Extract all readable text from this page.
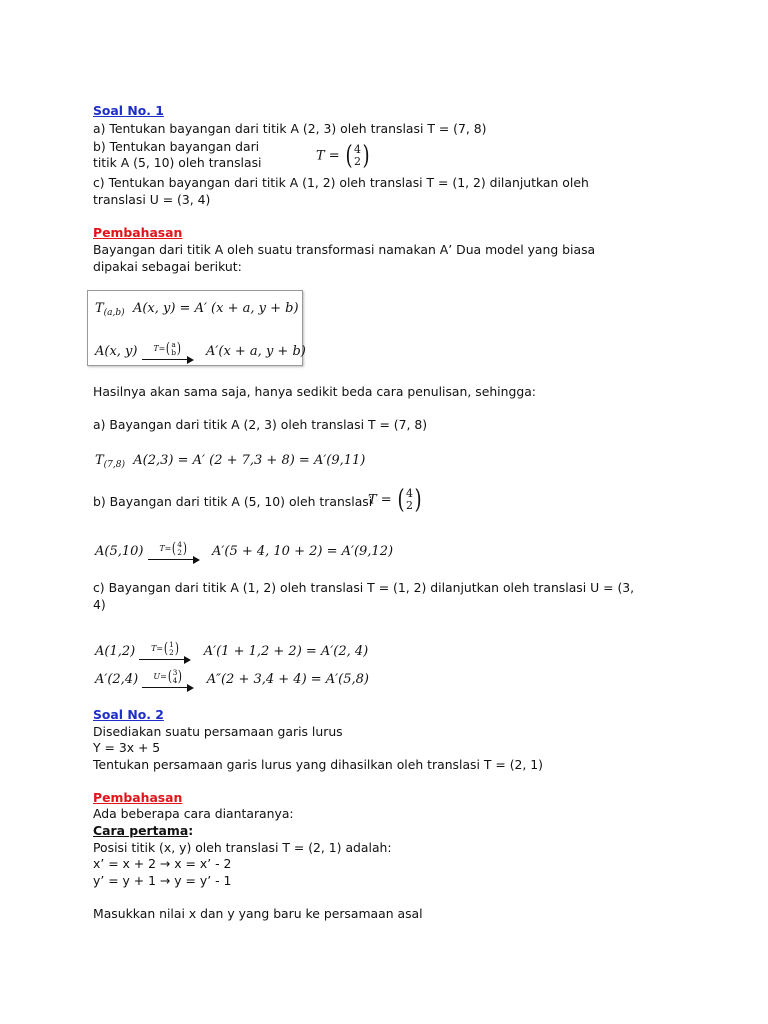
Soal No. 1
a) Tentukan bayangan dari titik A (2, 3) oleh translasi T = (7, 8)
b) Tentukan bayangan dari
titik A (5, 10) oleh translasi	T = ( 4
2 )
c) Tentukan bayangan dari titik A (1, 2) oleh translasi T = (1, 2) dilanjutkan oleh
translasi U = (3, 4)
Pembahasan
Bayangan dari titik A oleh suatu transformasi namakan A’ Dua model yang biasa
dipakai sebagai berikut:
$T_{(a,b)}$ A(x, y) = A′ (x + a, y + b)
A(x, y)	T= ( a
b ) A′(x + a, y + b)
Hasilnya akan sama saja, hanya sedikit beda cara penulisan, sehingga:
a) Bayangan dari titik A (2, 3) oleh translasi T = (7, 8)
$T_{(7,8)}$ A(2,3) = A′ (2 + 7,3 + 8) = A′(9,11)
b) Bayangan dari titik A (5, 10) oleh translasi
T = ( 4
2 )
A(5,10)	T= ( 4
2 ) A′(5 + 4, 10 + 2) = A′(9,12)
c) Bayangan dari titik A (1, 2) oleh translasi T = (1, 2) dilanjutkan oleh translasi U = (3,
4)
A(1,2)	T= ( 1
2 ) A′(1 + 1,2 + 2) = A′(2, 4)
A′(2,4)	U= ( 3
4 ) A″(2 + 3,4 + 4) = A′(5,8)
Soal No. 2
Disediakan suatu persamaan garis lurus
Y = 3x + 5
Tentukan persamaan garis lurus yang dihasilkan oleh translasi T = (2, 1)
Pembahasan
Ada beberapa cara diantaranya:
Cara pertama:
Posisi titik (x, y) oleh translasi T = (2, 1) adalah:
x’ = x + 2 → x = x’ - 2
y’ = y + 1 → y = y’ - 1
Masukkan nilai x dan y yang baru ke persamaan asal
